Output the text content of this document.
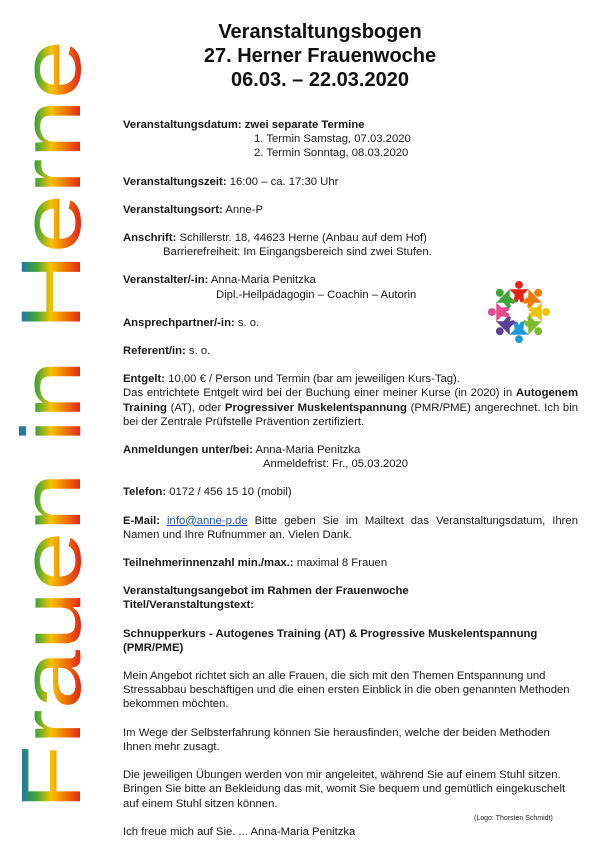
Frauen in Herne
Veranstaltungsbogen
27. Herner Frauenwoche
06.03. – 22.03.2020
Veranstaltungsdatum: zwei separate Termine
1. Termin Samstag, 07.03.2020
2. Termin Sonntag, 08.03.2020
Veranstaltungszeit: 16:00 – ca. 17:30 Uhr
Veranstaltungsort: Anne-P
Anschrift: Schillerstr. 18, 44623 Herne (Anbau auf dem Hof)
Barrierefreiheit: Im Eingangsbereich sind zwei Stufen.
Veranstalter/-in: Anna-Maria Penitzka
Dipl.-Heilpädagogin – Coachin – Autorin
Ansprechpartner/-in: s. o.
Referent/in: s. o.
Entgelt: 10,00 € / Person und Termin (bar am jeweiligen Kurs-Tag).
Das entrichtete Entgelt wird bei der Buchung einer meiner Kurse (in 2020) in Autogenem Training (AT), oder Progressiver Muskelentspannung (PMR/PME) angerechnet. Ich bin bei der Zentrale Prüfstelle Prävention zertifiziert.
Anmeldungen unter/bei: Anna-Maria Penitzka
Anmeldefrist: Fr., 05.03.2020
Telefon: 0172 / 456 15 10 (mobil)
E-Mail: info@anne-p.de Bitte geben Sie im Mailtext das Veranstaltungsdatum, Ihren Namen und Ihre Rufnummer an. Vielen Dank.
Teilnehmerinnenzahl min./max.: maximal 8 Frauen
Veranstaltungsangebot im Rahmen der Frauenwoche
Titel/Veranstaltungstext:
Schnupperkurs - Autogenes Training (AT) & Progressive Muskelentspannung (PMR/PME)
Mein Angebot richtet sich an alle Frauen, die sich mit den Themen Entspannung und Stressabbau beschäftigen und die einen ersten Einblick in die oben genannten Methoden bekommen möchten.
Im Wege der Selbsterfahrung können Sie herausfinden, welche der beiden Methoden Ihnen mehr zusagt.
Die jeweiligen Übungen werden von mir angeleitet, während Sie auf einem Stuhl sitzen. Bringen Sie bitte an Bekleidung das mit, womit Sie bequem und gemütlich eingekuschelt auf einem Stuhl sitzen können.
Ich freue mich auf Sie. ... Anna-Maria Penitzka
(Logo: Thorsten Schmidt)
